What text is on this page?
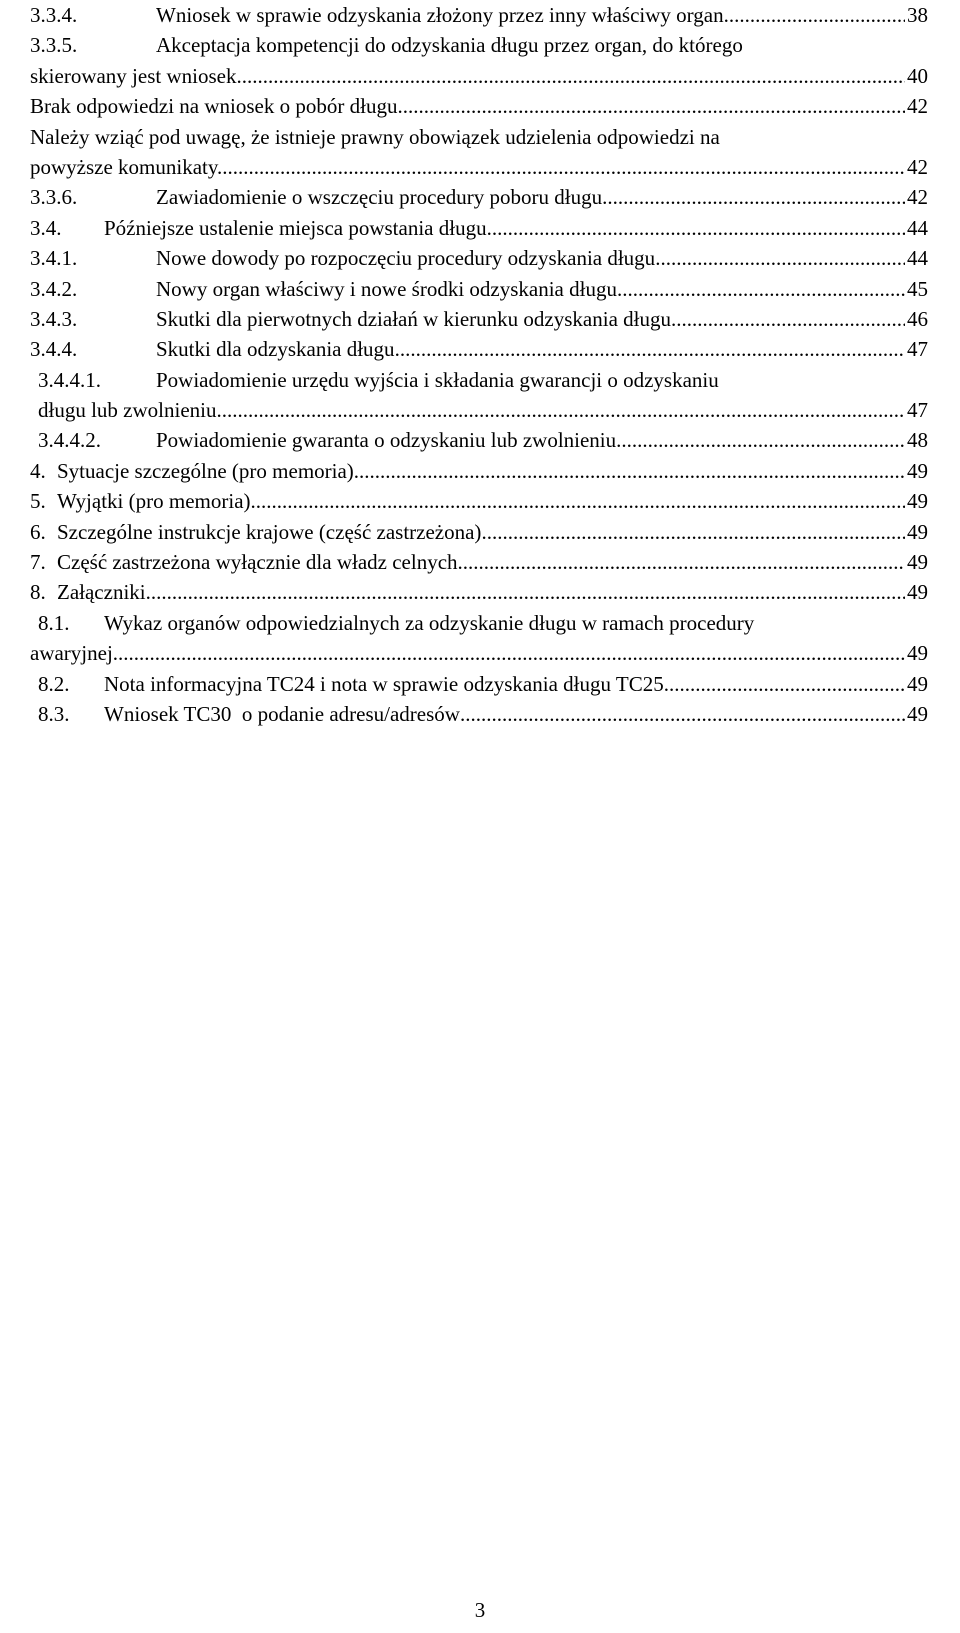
3.3.4.	Wniosek w sprawie odzyskania złożony przez inny właściwy organ .....	38
3.3.5.	Akceptacja kompetencji do odzyskania długu przez organ, do którego
skierowany jest wniosek. .....	40
Brak odpowiedzi na wniosek o pobór długu .....	42
Należy wziąć pod uwagę, że istnieje prawny obowiązek udzielenia odpowiedzi na
powyższe komunikaty. .....	42
3.3.6.	Zawiadomienie o wszczęciu procedury poboru długu .....	42
3.4. Późniejsze ustalenie miejsca powstania długu .....	44
3.4.1.	Nowe dowody po rozpoczęciu procedury odzyskania długu .....	44
3.4.2.	Nowy organ właściwy i nowe środki odzyskania długu .....	45
3.4.3.	Skutki dla pierwotnych działań w kierunku odzyskania długu .....	46
3.4.4.	Skutki dla odzyskania długu .....	47
3.4.4.1.	Powiadomienie urzędu wyjścia i składania gwarancji o odzyskaniu
długu lub zwolnieniu .....	47
3.4.4.2.	Powiadomienie gwaranta o odzyskaniu lub zwolnieniu .....	48
4. Sytuacje szczególne (pro memoria) .....	49
5. Wyjątki (pro memoria) .....	49
6. Szczególne instrukcje krajowe (część zastrzeżona) .....	49
7. Część zastrzeżona wyłącznie dla władz celnych .....	49
8. Załączniki .....	49
8.1. Wykaz organów odpowiedzialnych za odzyskanie długu w ramach procedury
awaryjnej .....	49
8.2. Nota informacyjna TC24 i nota w sprawie odzyskania długu TC25 .....	49
8.3. Wniosek TC30  o podanie adresu/adresów .....	49
3
